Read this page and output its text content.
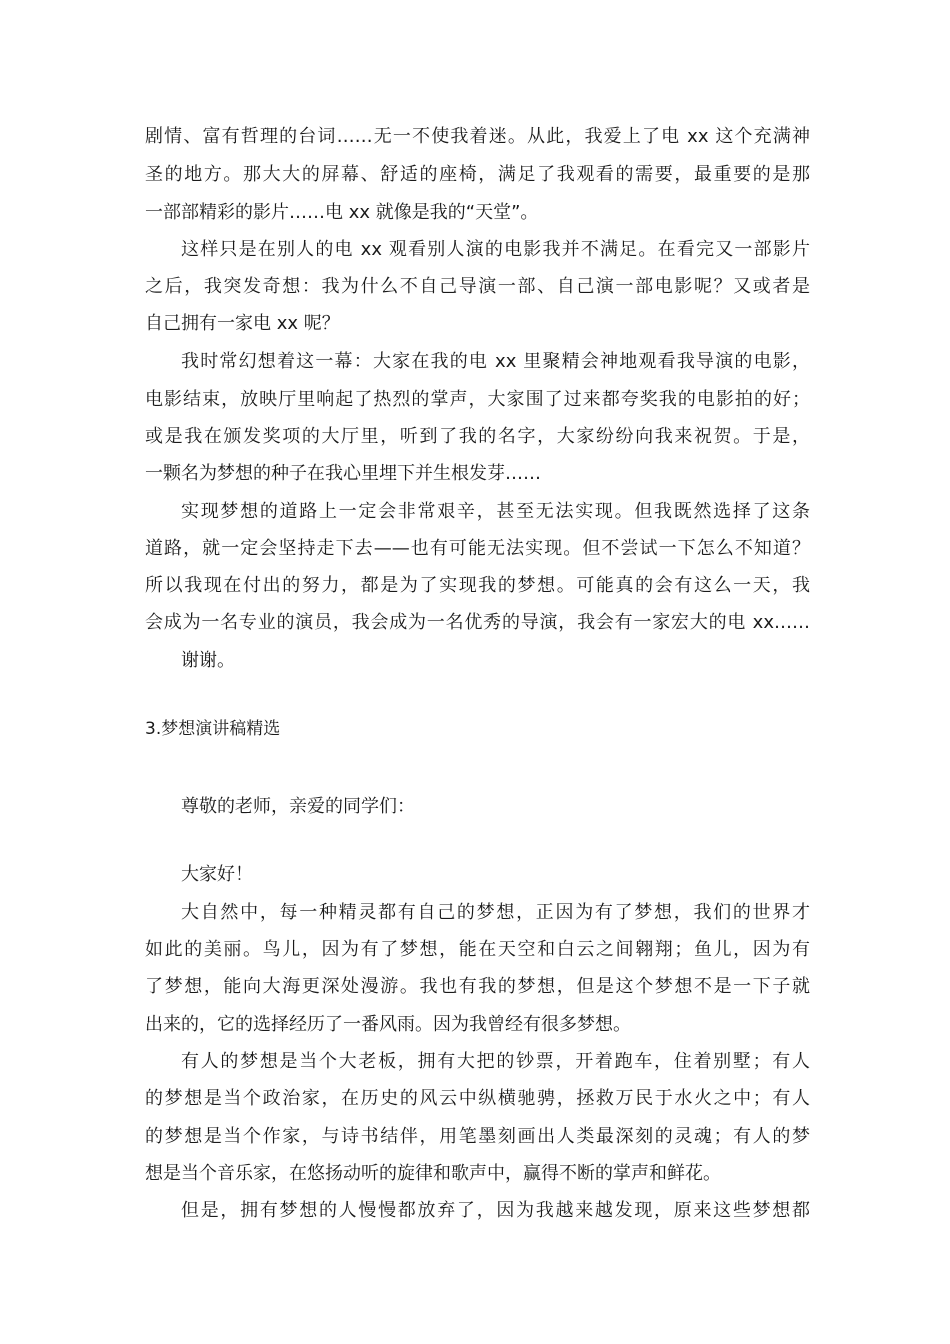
剧情、富有哲理的台词……无一不使我着迷。从此，我爱上了电 xx 这个充满神
圣的地方。那大大的屏幕、舒适的座椅，满足了我观看的需要，最重要的是那
一部部精彩的影片……电 xx 就像是我的“天堂”。
这样只是在别人的电 xx 观看别人演的电影我并不满足。在看完又一部影片
之后，我突发奇想：我为什么不自己导演一部、自己演一部电影呢？又或者是
自己拥有一家电 xx 呢？
我时常幻想着这一幕：大家在我的电 xx 里聚精会神地观看我导演的电影，
电影结束，放映厅里响起了热烈的掌声，大家围了过来都夸奖我的电影拍的好；
或是我在颁发奖项的大厅里，听到了我的名字，大家纷纷向我来祝贺。于是，
一颗名为梦想的种子在我心里埋下并生根发芽……
实现梦想的道路上一定会非常艰辛，甚至无法实现。但我既然选择了这条
道路，就一定会坚持走下去——也有可能无法实现。但不尝试一下怎么不知道？
所以我现在付出的努力，都是为了实现我的梦想。可能真的会有这么一天，我
会成为一名专业的演员，我会成为一名优秀的导演，我会有一家宏大的电 xx……
谢谢。
3.梦想演讲稿精选
尊敬的老师，亲爱的同学们：
大家好！
大自然中，每一种精灵都有自己的梦想，正因为有了梦想，我们的世界才
如此的美丽。鸟儿，因为有了梦想，能在天空和白云之间翱翔；鱼儿，因为有
了梦想，能向大海更深处漫游。我也有我的梦想，但是这个梦想不是一下子就
出来的，它的选择经历了一番风雨。因为我曾经有很多梦想。
有人的梦想是当个大老板，拥有大把的钞票，开着跑车，住着别墅；有人
的梦想是当个政治家，在历史的风云中纵横驰骋，拯救万民于水火之中；有人
的梦想是当个作家，与诗书结伴，用笔墨刻画出人类最深刻的灵魂；有人的梦
想是当个音乐家，在悠扬动听的旋律和歌声中，赢得不断的掌声和鲜花。
但是，拥有梦想的人慢慢都放弃了，因为我越来越发现，原来这些梦想都
